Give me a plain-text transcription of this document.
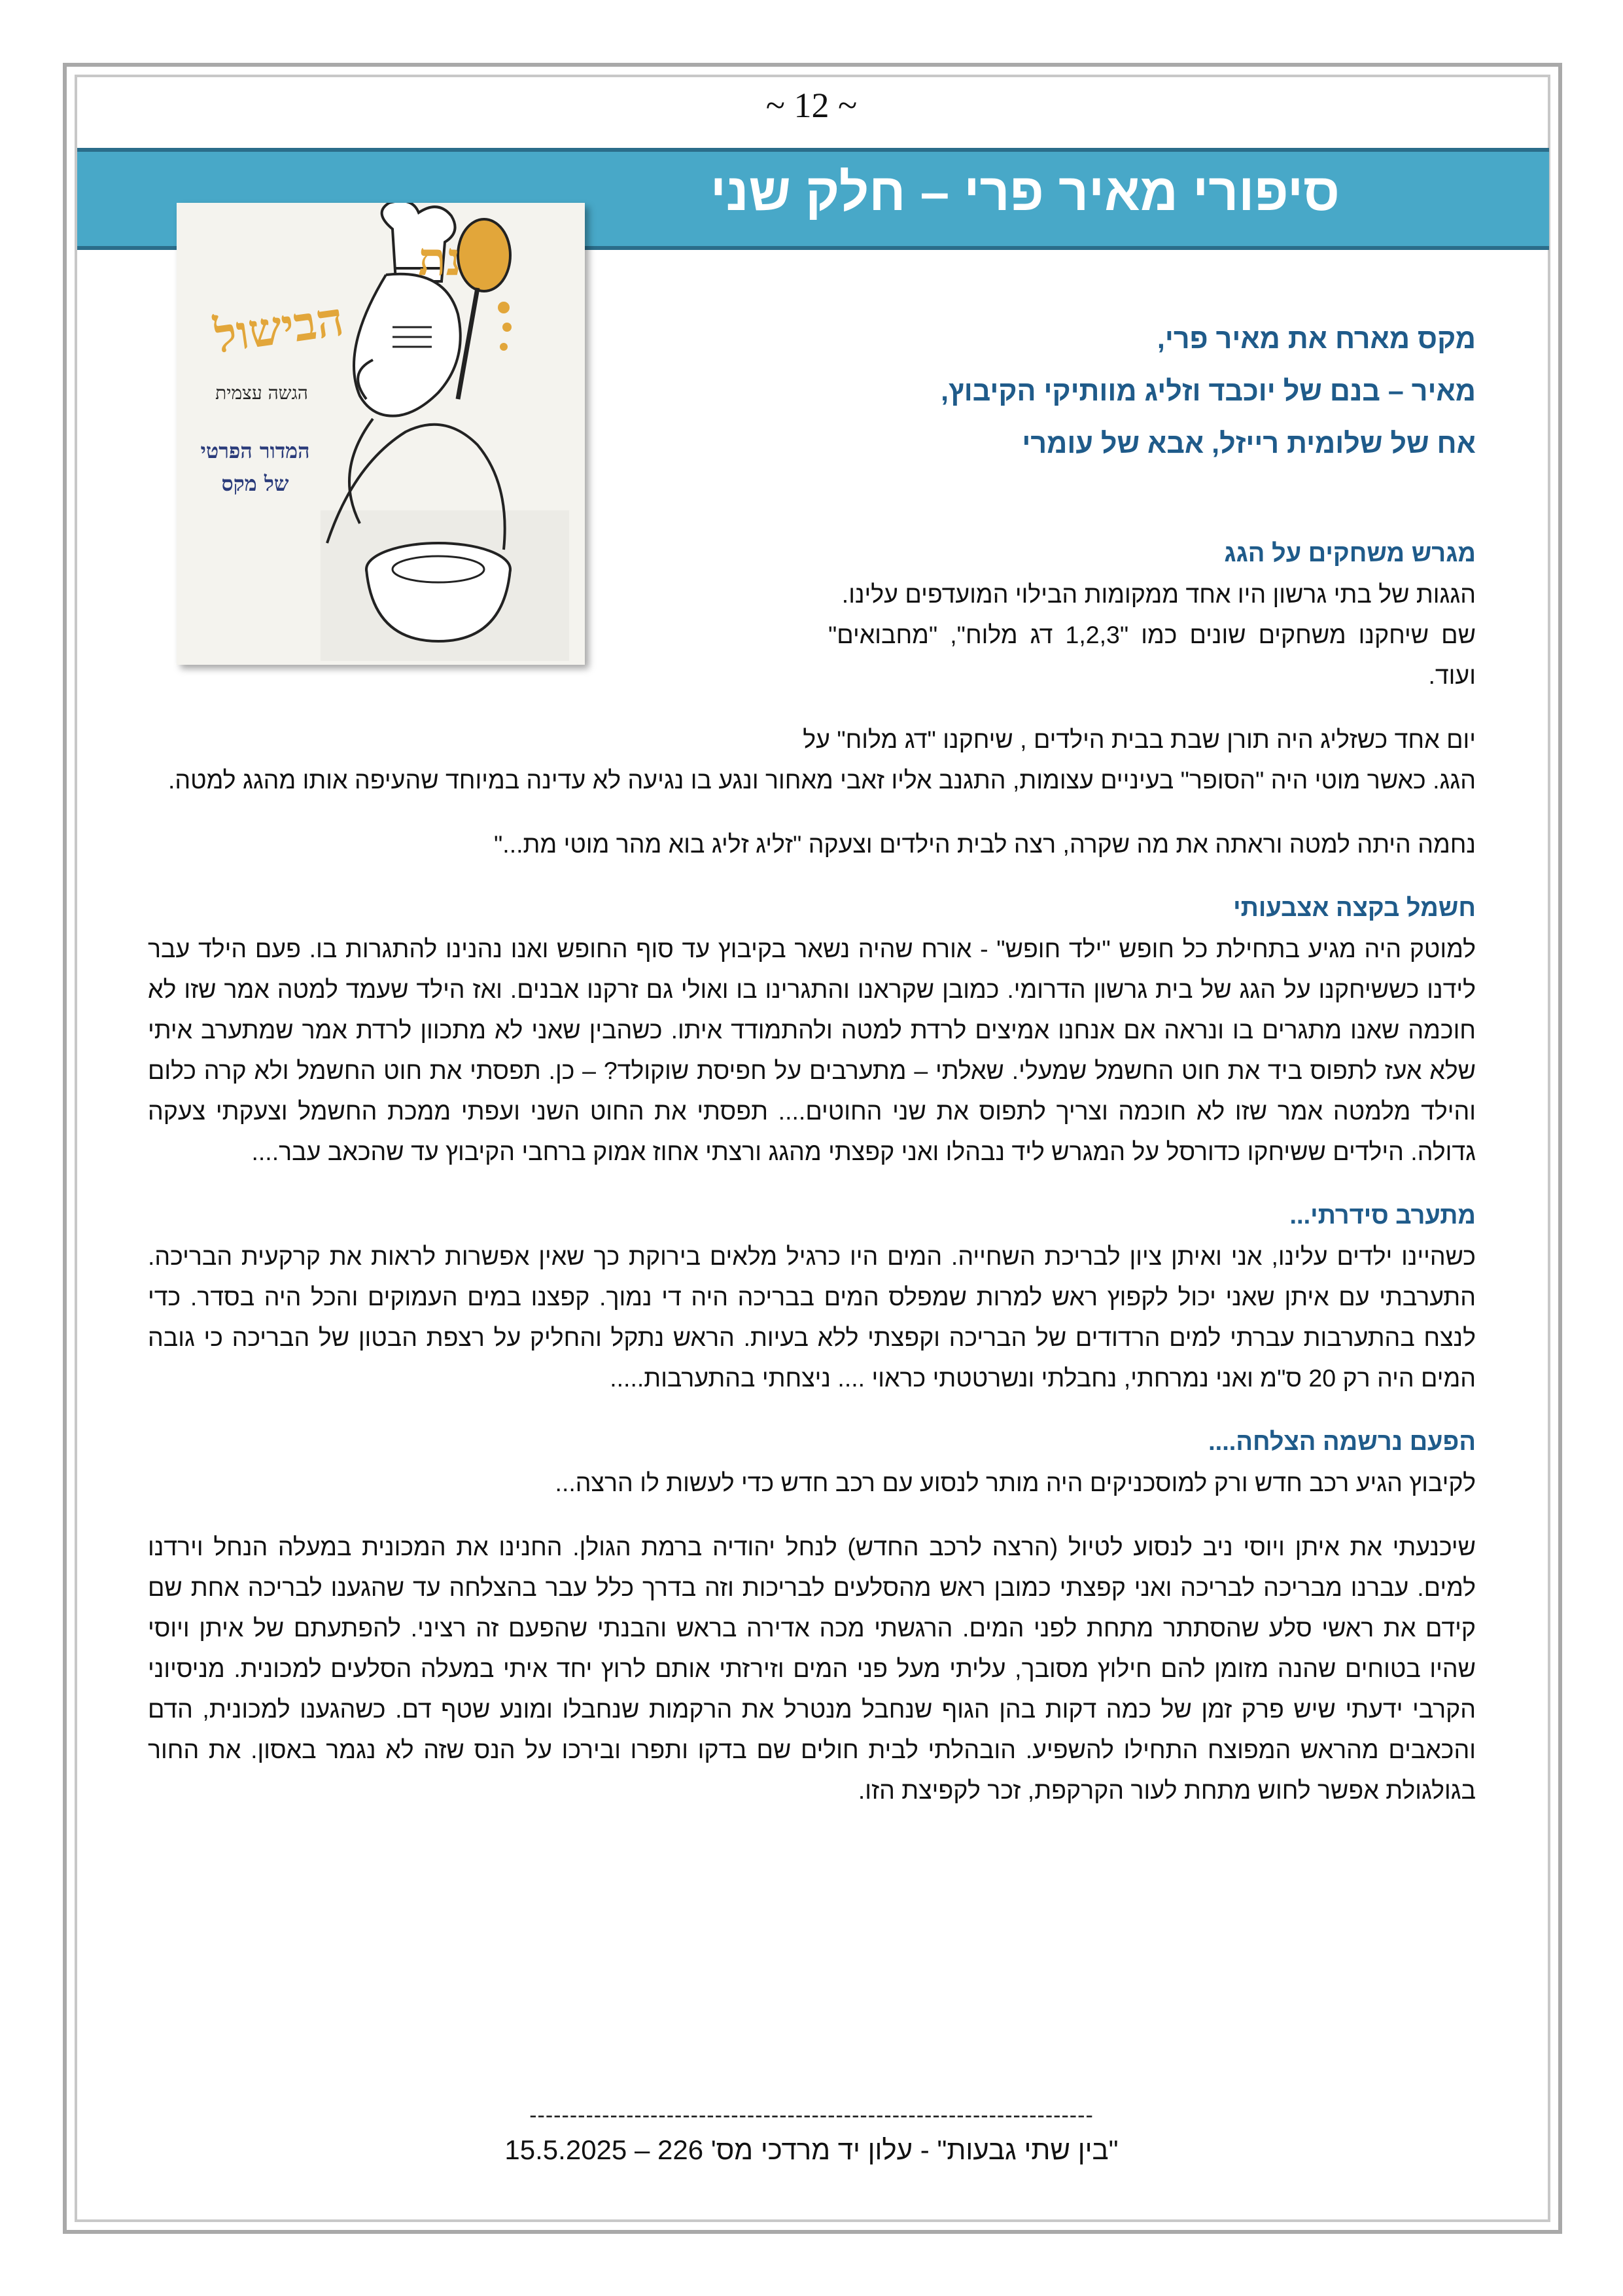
~ 12 ~
סיפורי מאיר פרי – חלק שני
פינת
הבישול
הגשה עצמית
המדור הפרטי
של מקס
מקס מארח את מאיר פרי,
מאיר – בנם של יוכבד וזליג מוותיקי הקיבוץ,
אח של שלומית רייזל, אבא של עומרי
מגרש משחקים על הגג

הגגות של בתי גרשון היו אחד ממקומות הבילוי המועדפים עלינו.
שם שיחקנו משחקים שונים כמו "1,2,3 דג מלוח", "מחבואים" ועוד.

יום אחד כשזליג היה תורן שבת בבית הילדים , שיחקנו "דג מלוח" על
הגג. כאשר מוטי היה "הסופר" בעיניים עצומות, התגנב אליו זאבי מאחור ונגע בו נגיעה לא עדינה במיוחד שהעיפה אותו מהגג למטה.

נחמה היתה למטה וראתה את מה שקרה, רצה לבית הילדים וצעקה "זליג זליג בוא מהר מוטי מת..."

חשמל בקצה אצבעותי

למוטק היה מגיע בתחילת כל חופש "ילד חופש" - אורח שהיה נשאר בקיבוץ עד סוף החופש ואנו נהנינו להתגרות בו. פעם הילד עבר לידנו כששיחקנו על הגג של בית גרשון הדרומי. כמובן שקראנו והתגרינו בו ואולי גם זרקנו אבנים. ואז הילד שעמד למטה אמר שזו לא חוכמה שאנו מתגרים בו ונראה אם אנחנו אמיצים לרדת למטה ולהתמודד איתו. כשהבין שאני לא מתכוון לרדת אמר שמתערב איתי שלא אעז לתפוס ביד את חוט החשמל שמעלי. שאלתי – מתערבים על חפיסת שוקולד? – כן. תפסתי את חוט החשמל ולא קרה כלום והילד מלמטה אמר שזו לא חוכמה וצריך לתפוס את שני החוטים.... תפסתי את החוט השני ועפתי ממכת החשמל וצעקתי צעקה גדולה. הילדים ששיחקו כדורסל על המגרש ליד נבהלו ואני קפצתי מהגג ורצתי אחוז אמוק ברחבי הקיבוץ עד שהכאב עבר....

מתערב סידרתי...

כשהיינו ילדים עלינו, אני ואיתן ציון לבריכת השחייה. המים היו כרגיל מלאים בירוקת כך שאין אפשרות לראות את קרקעית הבריכה. התערבתי עם איתן שאני יכול לקפוץ ראש למרות שמפלס המים בבריכה היה די נמוך. קפצנו במים העמוקים והכל היה בסדר. כדי לנצח בהתערבות עברתי למים הרדודים של הבריכה וקפצתי ללא בעיות. הראש נתקל והחליק על רצפת הבטון של הבריכה כי גובה המים היה רק 20 ס"מ ואני נמרחתי, נחבלתי ונשרטטתי כראוי .... ניצחתי בהתערבות.....

הפעם נרשמה הצלחה....

לקיבוץ הגיע רכב חדש ורק למוסכניקים היה מותר לנסוע עם רכב חדש כדי לעשות לו הרצה...

שיכנעתי את איתן ויוסי ניב לנסוע לטיול (הרצה לרכב החדש) לנחל יהודיה ברמת הגולן. החנינו את המכונית במעלה הנחל וירדנו למים. עברנו מבריכה לבריכה ואני קפצתי כמובן ראש מהסלעים לבריכות וזה בדרך כלל עבר בהצלחה עד שהגענו לבריכה אחת שם קידם את ראשי סלע שהסתתר מתחת לפני המים. הרגשתי מכה אדירה בראש והבנתי שהפעם זה רציני. להפתעתם של איתן ויוסי שהיו בטוחים שהנה מזומן להם חילוץ מסובך, עליתי מעל פני המים וזירזתי אותם לרוץ יחד איתי במעלה הסלעים למכונית. מניסיוני הקרבי ידעתי שיש פרק זמן של כמה דקות בהן הגוף שנחבל מנטרל את הרקמות שנחבלו ומונע שטף דם. כשהגענו למכונית, הדם והכאבים מהראש המפוצח התחילו להשפיע. הובהלתי לבית חולים שם בדקו ותפרו ובירכו על הנס שזה לא נגמר באסון. את החור בגולגולת אפשר לחוש מתחת לעור הקרקפת, זכר לקפיצת הזו.

----------------------------------------------------------------------
"בין שתי גבעות" - עלון יד מרדכי מס' 226 – 15.5.2025
